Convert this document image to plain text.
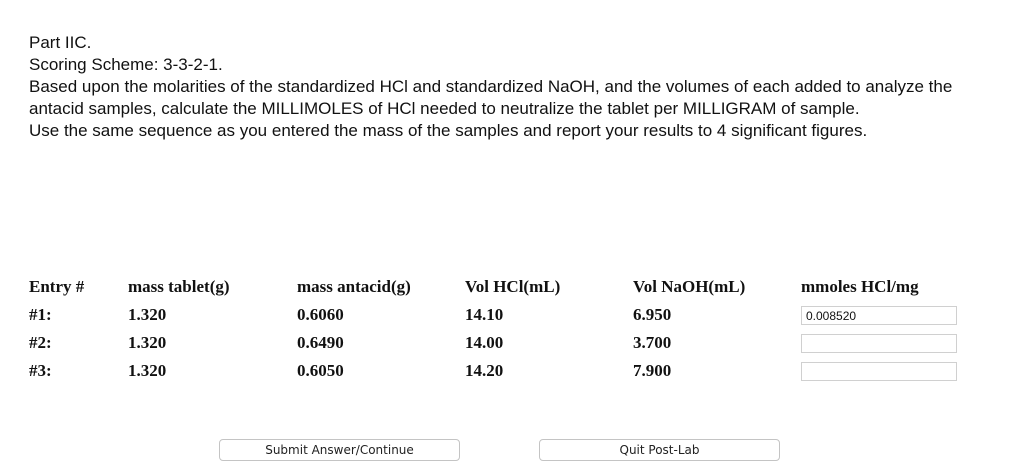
Part IIC.
Scoring Scheme: 3-3-2-1.
Based upon the molarities of the standardized HCl and standardized NaOH, and the volumes of each added to analyze the antacid samples, calculate the MILLIMOLES of HCl needed to neutralize the tablet per MILLIGRAM of sample.
Use the same sequence as you entered the mass of the samples and report your results to 4 significant figures.
Entry #	mass tablet(g)	mass antacid(g)	Vol HCl(mL)	Vol NaOH(mL)	mmoles HCl/mg
#1:	1.320	0.6060	14.10	6.950	0.008520
#2:	1.320	0.6490	14.00	3.700	
#3:	1.320	0.6050	14.20	7.900	
Submit Answer/Continue	Quit Post-Lab
